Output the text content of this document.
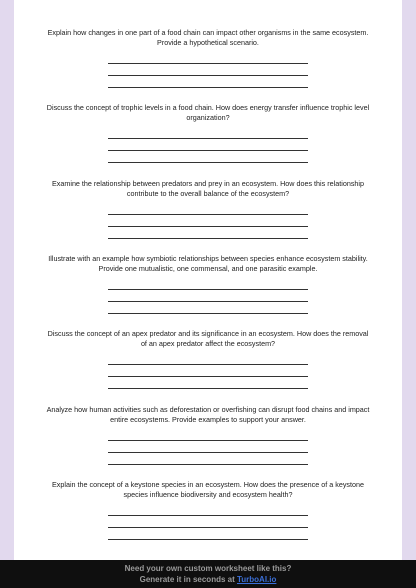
Explain how changes in one part of a food chain can impact other organisms in the same ecosystem. Provide a hypothetical scenario.

Discuss the concept of trophic levels in a food chain. How does energy transfer influence trophic level organization?

Examine the relationship between predators and prey in an ecosystem. How does this relationship contribute to the overall balance of the ecosystem?

Illustrate with an example how symbiotic relationships between species enhance ecosystem stability. Provide one mutualistic, one commensal, and one parasitic example.

Discuss the concept of an apex predator and its significance in an ecosystem. How does the removal of an apex predator affect the ecosystem?

Analyze how human activities such as deforestation or overfishing can disrupt food chains and impact entire ecosystems. Provide examples to support your answer.

Explain the concept of a keystone species in an ecosystem. How does the presence of a keystone species influence biodiversity and ecosystem health?

Need your own custom worksheet like this?
Generate it in seconds at TurboAI.io
